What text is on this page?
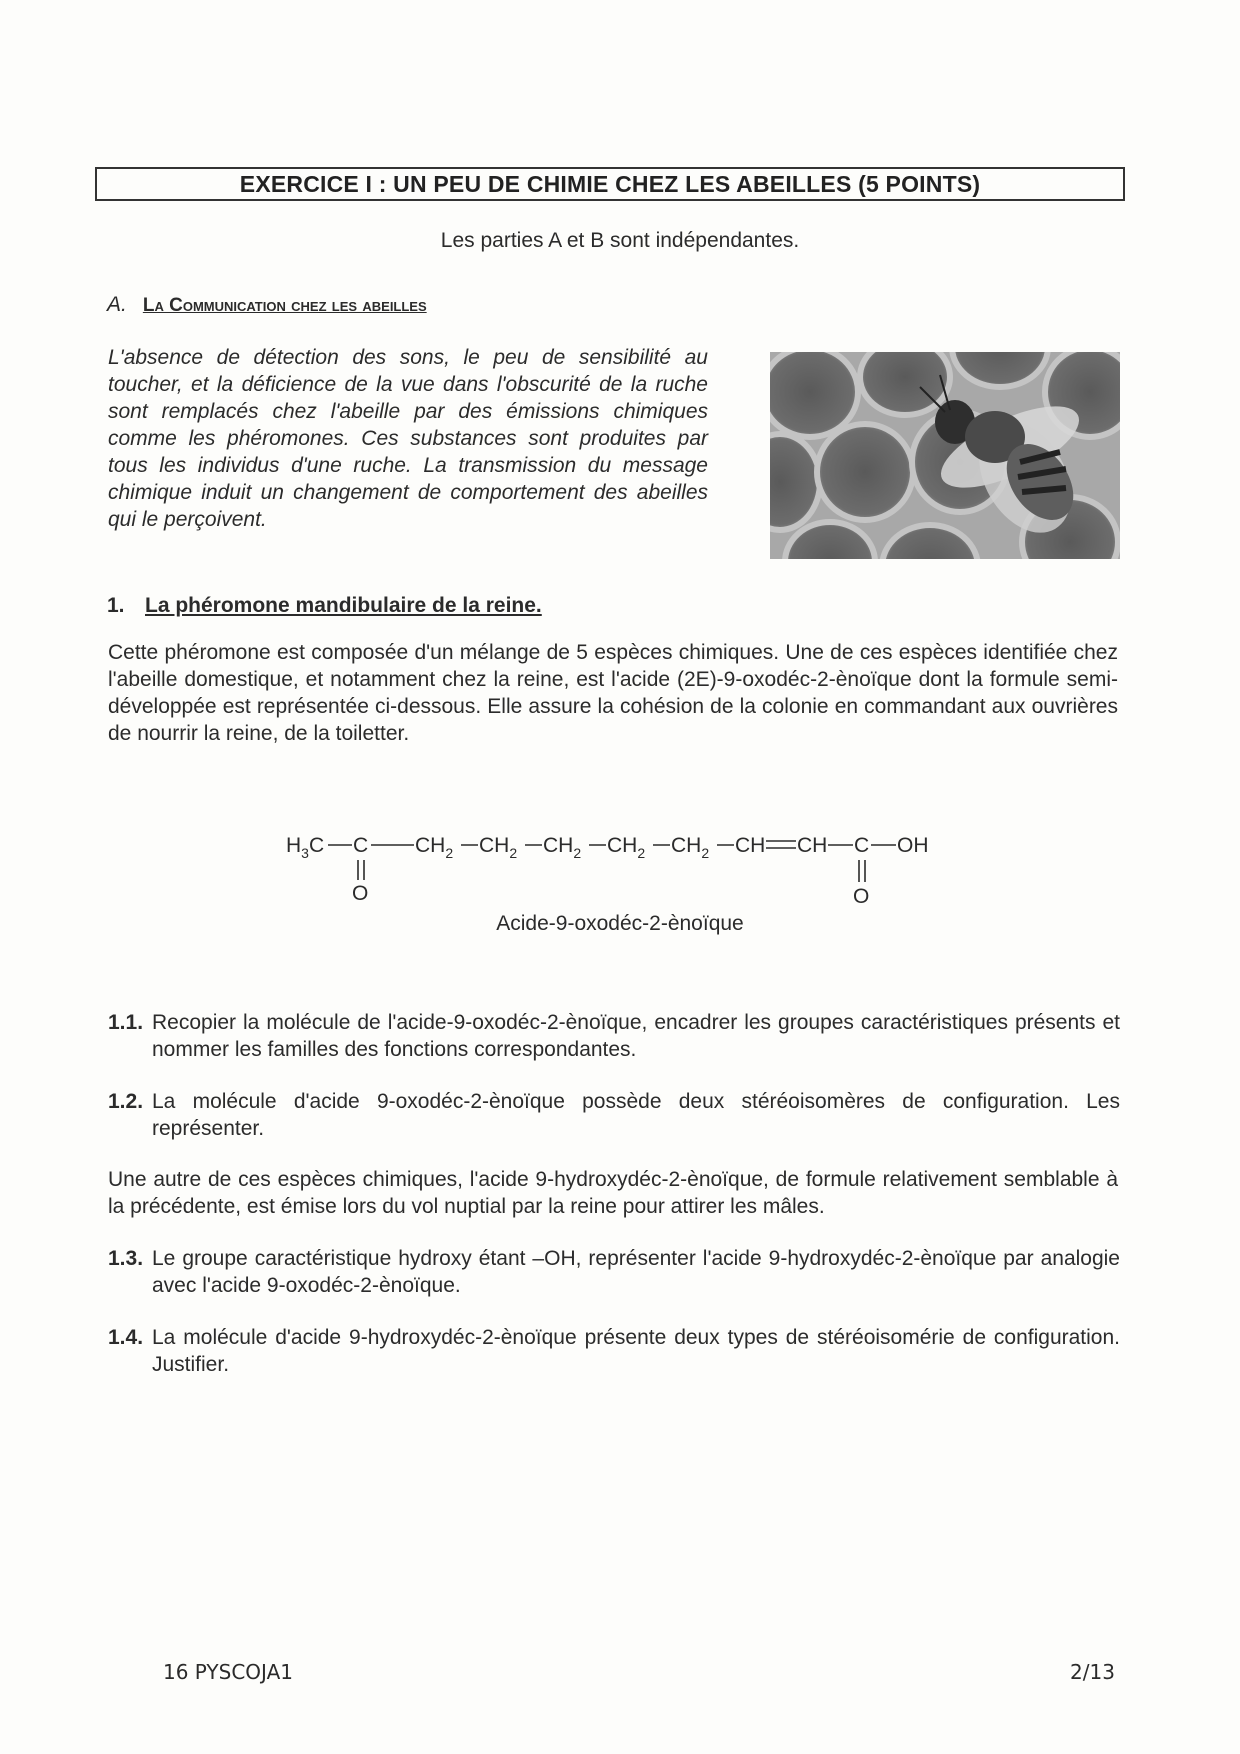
EXERCICE I : UN PEU DE CHIMIE CHEZ LES ABEILLES (5 POINTS)
Les parties A et B sont indépendantes.
A. La Communication chez les abeilles
L'absence de détection des sons, le peu de sensibilité au toucher, et la déficience de la vue dans l'obscurité de la ruche sont remplacés chez l'abeille par des émissions chimiques comme les phéromones. Ces substances sont produites par tous les individus d'une ruche. La transmission du message chimique induit un changement de comportement des abeilles qui le perçoivent.
1. La phéromone mandibulaire de la reine.
Cette phéromone est composée d'un mélange de 5 espèces chimiques. Une de ces espèces identifiée chez l'abeille domestique, et notamment chez la reine, est l'acide (2E)-9-oxodéc-2-ènoïque dont la formule semi-développée est représentée ci-dessous. Elle assure la cohésion de la colonie en commandant aux ouvrières de nourrir la reine, de la toiletter.
$H_3C$ C
O
$CH_2$ $CH_2$ $CH_2$ $CH_2$ $CH_2$ CH CH C OH
O
Acide-9-oxodéc-2-ènoïque
1.1. Recopier la molécule de l'acide-9-oxodéc-2-ènoïque, encadrer les groupes caractéristiques présents et nommer les familles des fonctions correspondantes.
1.2. La molécule d'acide 9-oxodéc-2-ènoïque possède deux stéréoisomères de configuration. Les représenter.
Une autre de ces espèces chimiques, l'acide 9-hydroxydéc-2-ènoïque, de formule relativement semblable à la précédente, est émise lors du vol nuptial par la reine pour attirer les mâles.
1.3. Le groupe caractéristique hydroxy étant –OH, représenter l'acide 9-hydroxydéc-2-ènoïque par analogie avec l'acide 9-oxodéc-2-ènoïque.
1.4. La molécule d'acide 9-hydroxydéc-2-ènoïque présente deux types de stéréoisomérie de configuration. Justifier.
16 PYSCOJA1	2/13
